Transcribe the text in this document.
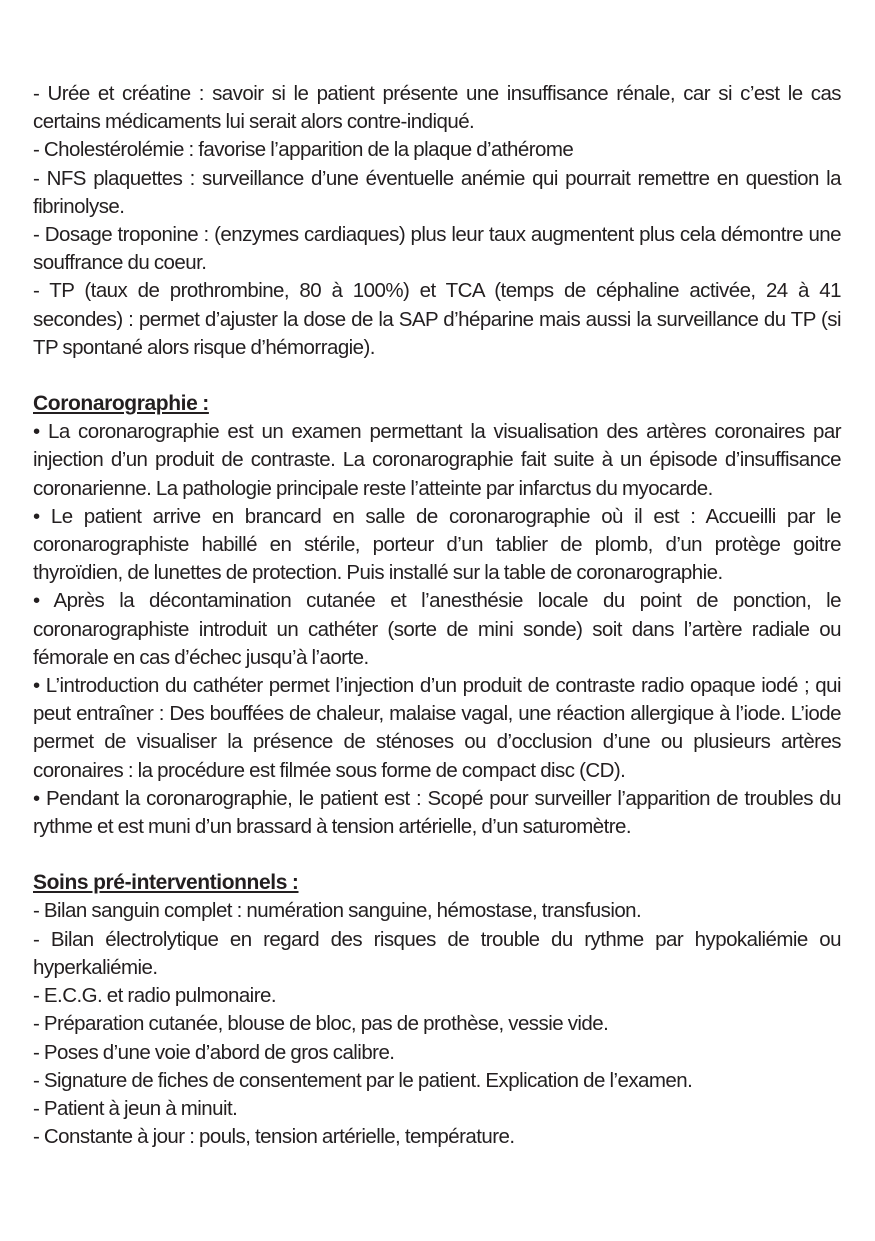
- Urée et créatine : savoir si le patient présente une insuffisance rénale, car si c’est le cas certains médicaments lui serait alors contre-indiqué.

- Cholestérolémie : favorise l’apparition de la plaque d’athérome

- NFS plaquettes : surveillance d’une éventuelle anémie qui pourrait remettre en question la fibrinolyse.

- Dosage troponine : (enzymes cardiaques) plus leur taux augmentent plus cela démontre une souffrance du coeur.

- TP (taux de prothrombine, 80 à 100%) et TCA (temps de céphaline activée, 24 à 41 secondes) : permet d’ajuster la dose de la SAP d’héparine mais aussi la surveillance du TP (si TP spontané alors risque d’hémorragie).

Coronarographie :

• La coronarographie est un examen permettant la visualisation des artères coronaires par injection d’un produit de contraste. La coronarographie fait suite à un épisode d’insuffisance coronarienne. La pathologie principale reste l’atteinte par infarctus du myocarde.

• Le patient arrive en brancard en salle de coronarographie où il est : Accueilli par le coronarographiste habillé en stérile, porteur d’un tablier de plomb, d’un protège goitre thyroïdien, de lunettes de protection. Puis installé sur la table de coronarographie.

• Après la décontamination cutanée et l’anesthésie locale du point de ponction, le coronarographiste introduit un cathéter (sorte de mini sonde) soit dans l’artère radiale ou fémorale en cas d’échec jusqu’à l’aorte.

• L’introduction du cathéter permet l’injection d’un produit de contraste radio opaque iodé ; qui peut entraîner : Des bouffées de chaleur, malaise vagal, une réaction allergique à l’iode. L’iode permet de visualiser la présence de sténoses ou d’occlusion d’une ou plusieurs artères coronaires : la procédure est filmée sous forme de compact disc (CD).

• Pendant la coronarographie, le patient est : Scopé pour surveiller l’apparition de troubles du rythme et est muni d’un brassard à tension artérielle, d’un saturomètre.

Soins pré-interventionnels :

- Bilan sanguin complet : numération sanguine, hémostase, transfusion.

- Bilan électrolytique en regard des risques de trouble du rythme par hypokaliémie ou hyperkaliémie.

- E.C.G. et radio pulmonaire.

- Préparation cutanée, blouse de bloc, pas de prothèse, vessie vide.

- Poses d’une voie d’abord de gros calibre.

- Signature de fiches de consentement par le patient. Explication de l’examen.

- Patient à jeun à minuit.

- Constante à jour : pouls, tension artérielle, température.
